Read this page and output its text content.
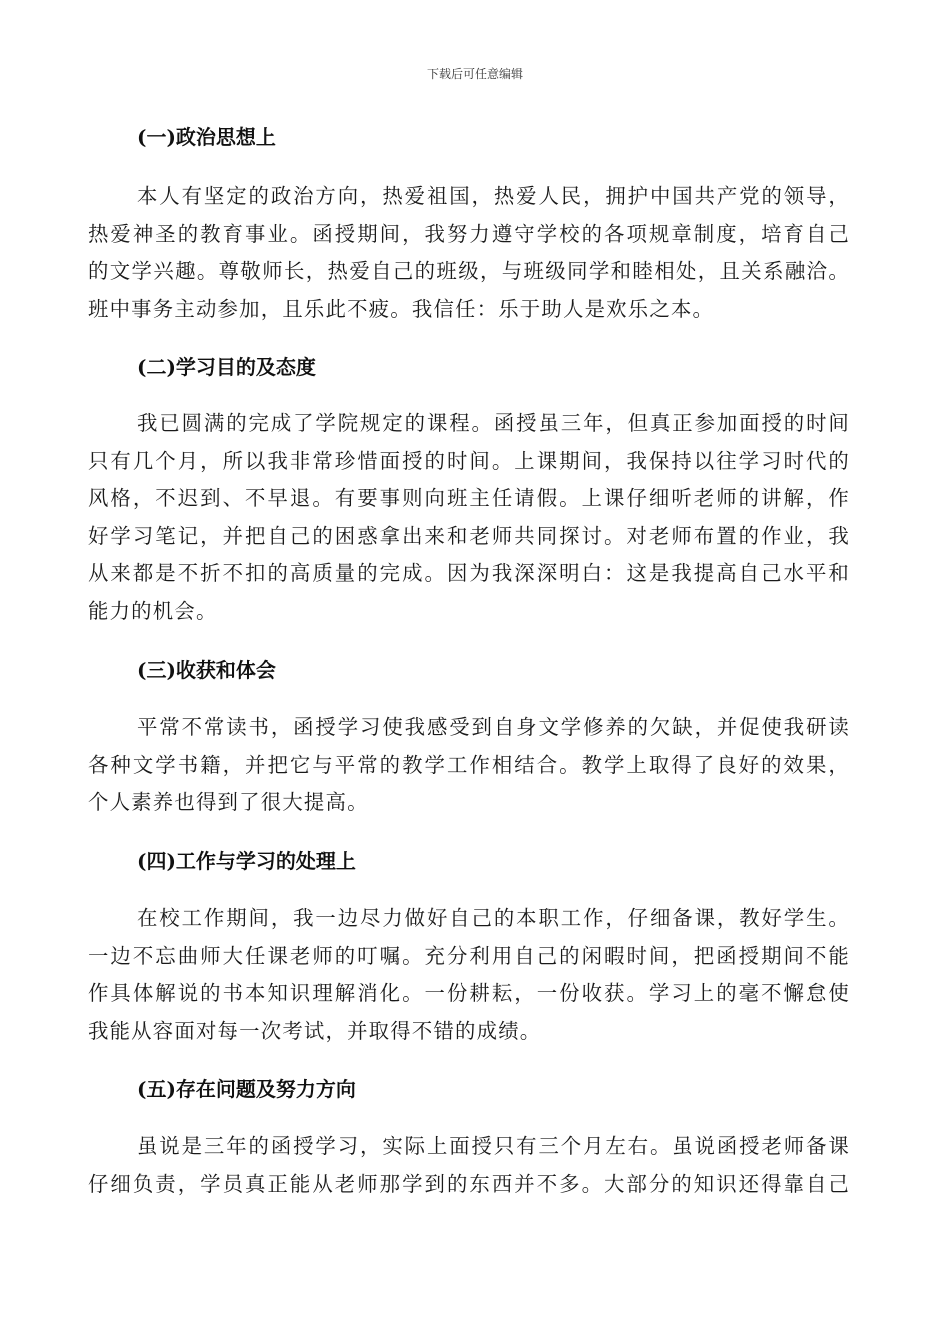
下载后可任意编辑
(一)政治思想上
本人有坚定的政治方向，热爱祖国，热爱人民，拥护中国共产党的领导，
热爱神圣的教育事业。函授期间，我努力遵守学校的各项规章制度，培育自己
的文学兴趣。尊敬师长，热爱自己的班级，与班级同学和睦相处，且关系融洽。
班中事务主动参加，且乐此不疲。我信任：乐于助人是欢乐之本。
(二)学习目的及态度
我已圆满的完成了学院规定的课程。函授虽三年，但真正参加面授的时间
只有几个月，所以我非常珍惜面授的时间。上课期间，我保持以往学习时代的
风格，不迟到、不早退。有要事则向班主任请假。上课仔细听老师的讲解，作
好学习笔记，并把自己的困惑拿出来和老师共同探讨。对老师布置的作业，我
从来都是不折不扣的高质量的完成。因为我深深明白：这是我提高自己水平和
能力的机会。
(三)收获和体会
平常不常读书，函授学习使我感受到自身文学修养的欠缺，并促使我研读
各种文学书籍，并把它与平常的教学工作相结合。教学上取得了良好的效果，
个人素养也得到了很大提高。
(四)工作与学习的处理上
在校工作期间，我一边尽力做好自己的本职工作，仔细备课，教好学生。
一边不忘曲师大任课老师的叮嘱。充分利用自己的闲暇时间，把函授期间不能
作具体解说的书本知识理解消化。一份耕耘，一份收获。学习上的毫不懈怠使
我能从容面对每一次考试，并取得不错的成绩。
(五)存在问题及努力方向
虽说是三年的函授学习，实际上面授只有三个月左右。虽说函授老师备课
仔细负责，学员真正能从老师那学到的东西并不多。大部分的知识还得靠自己
